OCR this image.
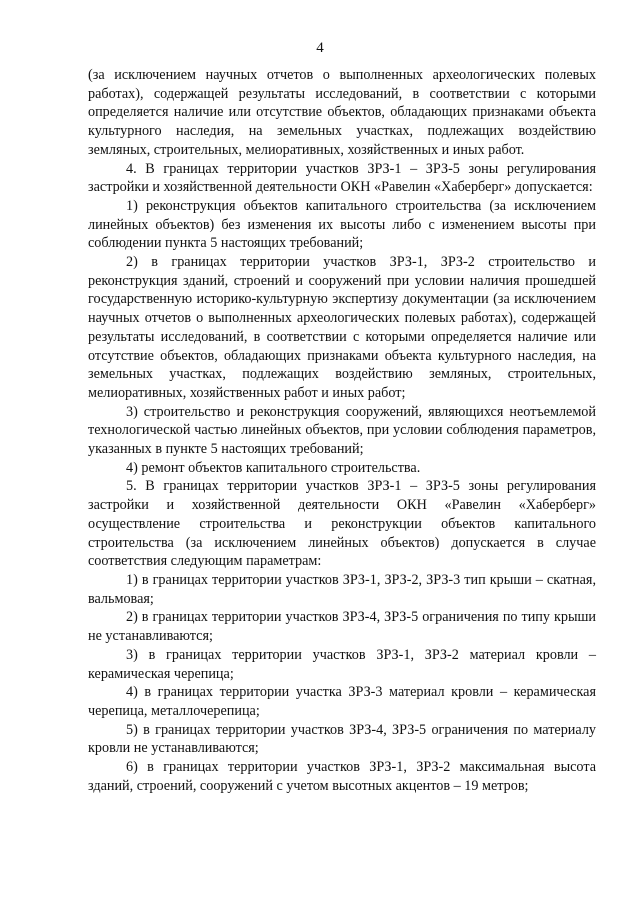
4

(за исключением научных отчетов о выполненных археологических полевых работах), содержащей результаты исследований, в соответствии с которыми определяется наличие или отсутствие объектов, обладающих признаками объекта культурного наследия, на земельных участках, подлежащих воздействию земляных, строительных, мелиоративных, хозяйственных и иных работ.

4. В границах территории участков ЗРЗ-1 – ЗРЗ-5 зоны регулирования застройки и хозяйственной деятельности ОКН «Равелин «Хаберберг» допускается:

1) реконструкция объектов капитального строительства (за исключением линейных объектов) без изменения их высоты либо с изменением высоты при соблюдении пункта 5 настоящих требований;

2) в границах территории участков ЗРЗ-1, ЗРЗ-2 строительство и реконструкция зданий, строений и сооружений при условии наличия прошедшей государственную историко-культурную экспертизу документации (за исключением научных отчетов о выполненных археологических полевых работах), содержащей результаты исследований, в соответствии с которыми определяется наличие или отсутствие объектов, обладающих признаками объекта культурного наследия, на земельных участках, подлежащих воздействию земляных, строительных, мелиоративных, хозяйственных работ и иных работ;

3) строительство и реконструкция сооружений, являющихся неотъемлемой технологической частью линейных объектов, при условии соблюдения параметров, указанных в пункте 5 настоящих требований;

4) ремонт объектов капитального строительства.

5. В границах территории участков ЗРЗ-1 – ЗРЗ-5 зоны регулирования застройки и хозяйственной деятельности ОКН «Равелин «Хаберберг» осуществление строительства и реконструкции объектов капитального строительства (за исключением линейных объектов) допускается в случае соответствия следующим параметрам:

1) в границах территории участков ЗРЗ-1, ЗРЗ-2, ЗРЗ-3 тип крыши – скатная, вальмовая;

2) в границах территории участков ЗРЗ-4, ЗРЗ-5 ограничения по типу крыши не устанавливаются;

3) в границах территории участков ЗРЗ-1, ЗРЗ-2 материал кровли – керамическая черепица;

4) в границах территории участка ЗРЗ-3 материал кровли – керамическая черепица, металлочерепица;

5) в границах территории участков ЗРЗ-4, ЗРЗ-5 ограничения по материалу кровли не устанавливаются;

6) в границах территории участков ЗРЗ-1, ЗРЗ-2 максимальная высота зданий, строений, сооружений с учетом высотных акцентов – 19 метров;
